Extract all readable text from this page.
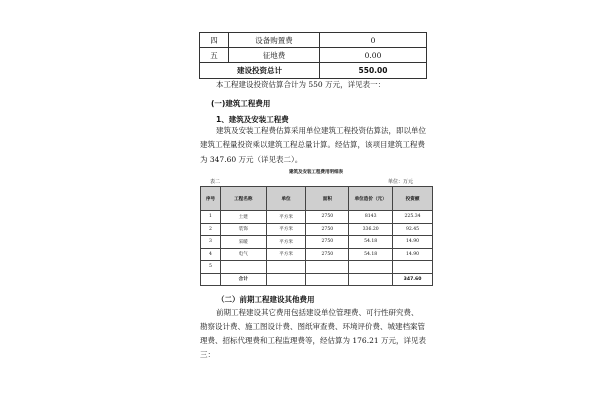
四	设备购置费	0
五	征地费	0.00
建设投资总计		550.00
本工程建设投资估算合计为 550 万元，详见表一：
(一)建筑工程费用
1、建筑及安装工程费
建筑及安装工程费估算采用单位建筑工程投资估算法，即以单位
建筑工程量投资乘以建筑工程总量计算。经估算，该项目建筑工程费
为 347.60 万元（详见表二）。
建筑及安装工程费用明细表
表二	单位：万元
序号	工程名称	单位	面积	单位造价（元）	投资额
1	土建	平方米	2750	8143	225.34
2	装饰	平方米	2750	336.20	92.45
3	采暖	平方米	2750	54.18	14.90
4	电气	平方米	2750	54.18	14.90
5					
	合计				347.60
（二）前期工程建设其他费用
前期工程建设其它费用包括建设单位管理费、可行性研究费、
勘察设计费、施工图设计费、图纸审查费、环境评价费、城建档案管
理费、招标代理费和工程监理费等，经估算为 176.21 万元，详见表
三：
